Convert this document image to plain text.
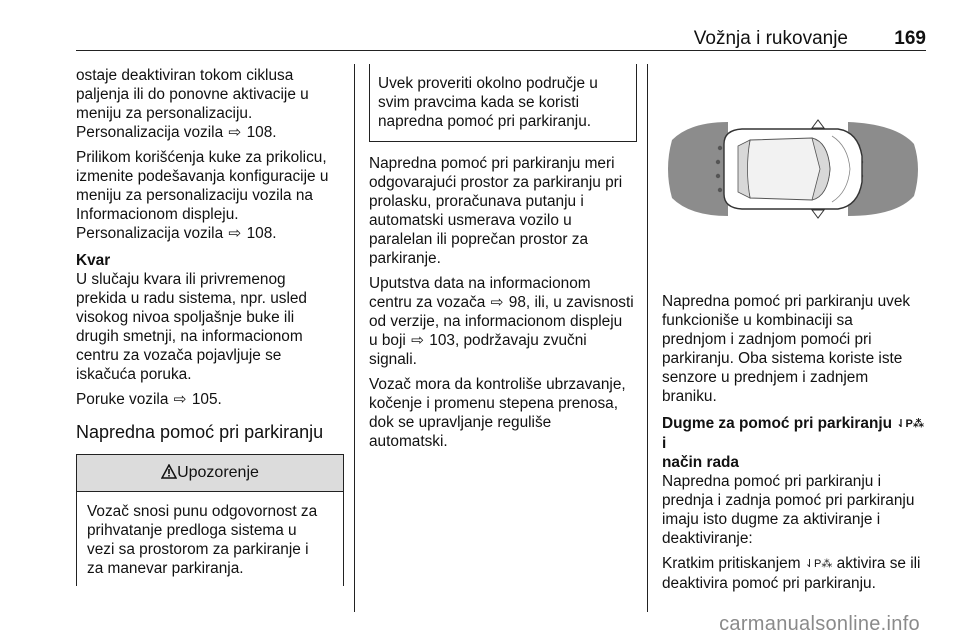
Vožnja i rukovanje 169

ostaje deaktiviran tokom ciklusa
paljenja ili do ponovne aktivacije u
meniju za personalizaciju.
Personalizacija vozila ⇨ 108.

Prilikom korišćenja kuke za prikolicu,
izmenite podešavanja konfiguracije u
meniju za personalizaciju vozila na
Informacionom displeju.
Personalizacija vozila ⇨ 108.

Kvar

U slučaju kvara ili privremenog
prekida u radu sistema, npr. usled
visokog nivoa spoljašnje buke ili
drugih smetnji, na informacionom
centru za vozača pojavljuje se
iskačuća poruka.

Poruke vozila ⇨ 105.

Napredna pomoć pri parkiranju
Upozorenje
Vozač snosi punu odgovornost za
prihvatanje predloga sistema u
vezi sa prostorom za parkiranje i
za manevar parkiranja.
Uvek proveriti okolno područje u
svim pravcima kada se koristi
napredna pomoć pri parkiranju.

Napredna pomoć pri parkiranju meri
odgovarajući prostor za parkiranju pri
prolasku, proračunava putanju i
automatski usmerava vozilo u
paralelan ili poprečan prostor za
parkiranje.

Uputstva data na informacionom
centru za vozača ⇨ 98, ili, u zavisnosti
od verzije, na informacionom displeju
u boji ⇨ 103, podržavaju zvučni
signali.

Vozač mora da kontroliše ubrzavanje,
kočenje i promenu stepena prenosa,
dok se upravljanje reguliše
automatski.

Napredna pomoć pri parkiranju uvek
funkcioniše u kombinaciji sa
prednjom i zadnjom pomoći pri
parkiranju. Oba sistema koriste iste
senzore u prednjem i zadnjem
braniku.

Dugme za pomoć pri parkiranju ⇃P⁂ i
način rada

Napredna pomoć pri parkiranju i
prednja i zadnja pomoć pri parkiranju
imaju isto dugme za aktiviranje i
deaktiviranje:

Kratkim pritiskanjem ⇃P⁂ aktivira se ili
deaktivira pomoć pri parkiranju.

carmanualsonline.info
